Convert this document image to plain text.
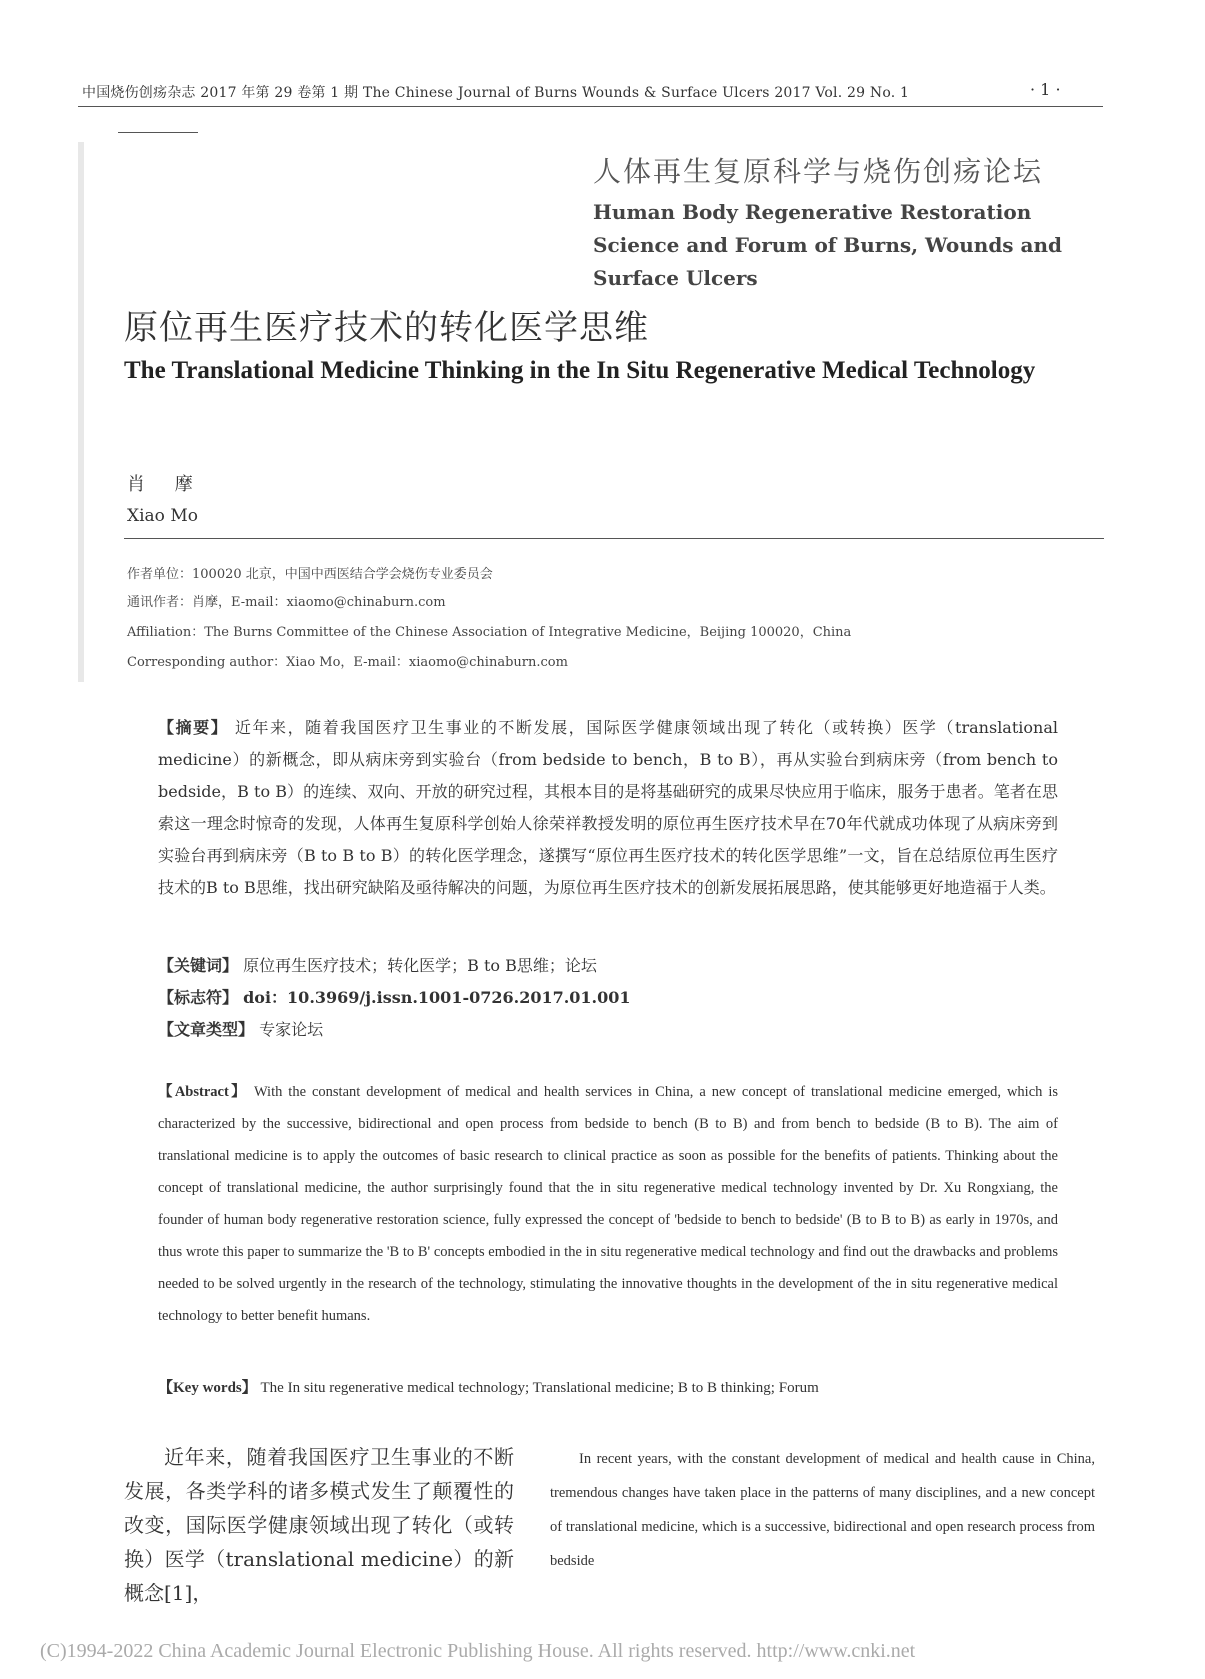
中国烧伤创疡杂志 2017 年第 29 卷第 1 期 The Chinese Journal of Burns Wounds & Surface Ulcers 2017 Vol. 29 No. 1	· 1 ·
人体再生复原科学与烧伤创疡论坛
Human Body Regenerative Restoration Science and Forum of Burns, Wounds and Surface Ulcers
原位再生医疗技术的转化医学思维
The Translational Medicine Thinking in the In Situ Regenerative Medical Technology
肖 摩
Xiao Mo
作者单位：100020 北京，中国中西医结合学会烧伤专业委员会
通讯作者：肖摩，E-mail：xiaomo@chinaburn.com
Affiliation：The Burns Committee of the Chinese Association of Integrative Medicine，Beijing 100020，China
Corresponding author：Xiao Mo，E-mail：xiaomo@chinaburn.com
【摘要】 近年来，随着我国医疗卫生事业的不断发展，国际医学健康领域出现了转化（或转换）医学（translational medicine）的新概念，即从病床旁到实验台（from bedside to bench，B to B），再从实验台到病床旁（from bench to bedside，B to B）的连续、双向、开放的研究过程，其根本目的是将基础研究的成果尽快应用于临床，服务于患者。笔者在思索这一理念时惊奇的发现，人体再生复原科学创始人徐荣祥教授发明的原位再生医疗技术早在70年代就成功体现了从病床旁到实验台再到病床旁（B to B to B）的转化医学理念，遂撰写“原位再生医疗技术的转化医学思维”一文，旨在总结原位再生医疗技术的B to B思维，找出研究缺陷及亟待解决的问题，为原位再生医疗技术的创新发展拓展思路，使其能够更好地造福于人类。
【关键词】 原位再生医疗技术；转化医学；B to B思维；论坛
【标志符】 doi：10.3969/j.issn.1001-0726.2017.01.001
【文章类型】 专家论坛
【Abstract】 With the constant development of medical and health services in China, a new concept of translational medicine emerged, which is characterized by the successive, bidirectional and open process from bedside to bench (B to B) and from bench to bedside (B to B). The aim of translational medicine is to apply the outcomes of basic research to clinical practice as soon as possible for the benefits of patients. Thinking about the concept of translational medicine, the author surprisingly found that the in situ regenerative medical technology invented by Dr. Xu Rongxiang, the founder of human body regenerative restoration science, fully expressed the concept of 'bedside to bench to bedside' (B to B to B) as early in 1970s, and thus wrote this paper to summarize the 'B to B' concepts embodied in the in situ regenerative medical technology and find out the drawbacks and problems needed to be solved urgently in the research of the technology, stimulating the innovative thoughts in the development of the in situ regenerative medical technology to better benefit humans.
【Key words】 The In situ regenerative medical technology; Translational medicine; B to B thinking; Forum
近年来，随着我国医疗卫生事业的不断发展，各类学科的诸多模式发生了颠覆性的改变，国际医学健康领域出现了转化（或转换）医学（translational medicine）的新概念[1]，
In recent years, with the constant development of medical and health cause in China, tremendous changes have taken place in the patterns of many disciplines, and a new concept of translational medicine, which is a successive, bidirectional and open research process from bedside
(C)1994-2022 China Academic Journal Electronic Publishing House. All rights reserved. http://www.cnki.net
